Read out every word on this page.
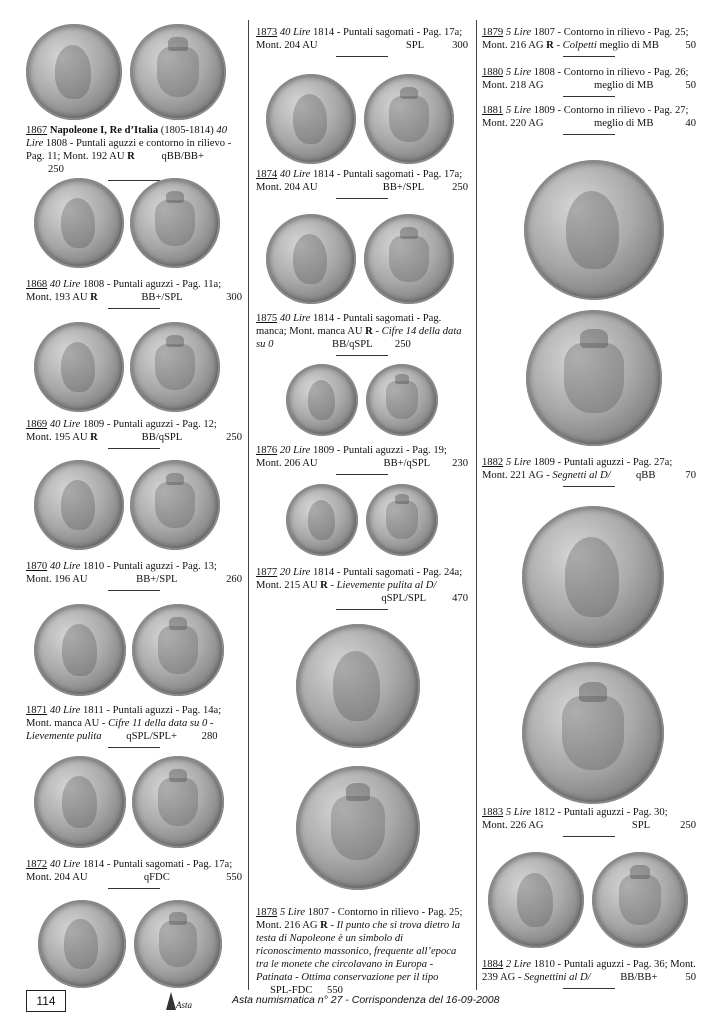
1867 Napoleone I, Re d’Italia (1805-1814) 40 Lire 1808 - Puntali aguzzi e contorno in rilievo - Pag. 11; Mont. 192 AU R	qBB/BB+ 250
1868 40 Lire 1808 - Puntali aguzzi - Pag. 11a;
Mont. 193 AU R	BB+/SPL	300
1869 40 Lire 1809 - Puntali aguzzi - Pag. 12;
Mont. 195 AU R	BB/qSPL	250
1870 40 Lire 1810 - Puntali aguzzi - Pag. 13;
Mont. 196 AU	BB+/SPL	260
1871 40 Lire 1811 - Puntali aguzzi - Pag. 14a;
Mont. manca AU - Cifre 11 della data su 0 - Lievemente pulita qSPL/SPL+ 280
1872 40 Lire 1814 - Puntali sagomati - Pag. 17a;
Mont. 204 AU	qFDC	550
1873 40 Lire 1814 - Puntali sagomati - Pag. 17a;
Mont. 204 AU	SPL	300
1874 40 Lire 1814 - Puntali sagomati - Pag. 17a;
Mont. 204 AU	BB+/SPL	250
1875 40 Lire 1814 - Puntali sagomati - Pag. manca; Mont. manca AU R - Cifre 14 della data su 0	BB/qSPL 250
1876 20 Lire 1809 - Puntali aguzzi - Pag. 19;
Mont. 206 AU	BB+/qSPL 230
1877 20 Lire 1814 - Puntali sagomati - Pag. 24a;
Mont. 215 AU R - Lievemente pulita al D/
qSPL/SPL 470
1878 5 Lire 1807 - Contorno in rilievo - Pag. 25; Mont. 216 AG R - Il punto che si trova dietro la testa di Napoleone è un simbolo di riconoscimento massonico, frequente all’epoca tra le monete che circolavano in Europa -Patinata - Ottima conservazione per il tipo SPL-FDC 550
1879 5 Lire 1807 - Contorno in rilievo - Pag. 25;
Mont. 216 AG R - Colpetti meglio di MB	50
1880 5 Lire 1808 - Contorno in rilievo - Pag. 26;
Mont. 218 AG	meglio di MB	50
1881 5 Lire 1809 - Contorno in rilievo - Pag. 27;
Mont. 220 AG	meglio di MB	40
1882 5 Lire 1809 - Puntali aguzzi - Pag. 27a;
Mont. 221 AG - Segnetti al D/ qBB	70
1883 5 Lire 1812 - Puntali aguzzi - Pag. 30;
Mont. 226 AG	SPL	250
1884 2 Lire 1810 - Puntali aguzzi - Pag. 36; Mont.
239 AG - Segnettini al D/	BB/BB+	50
114	Asta	Asta numismatica n° 27 - Corrispondenza del 16-09-2008
